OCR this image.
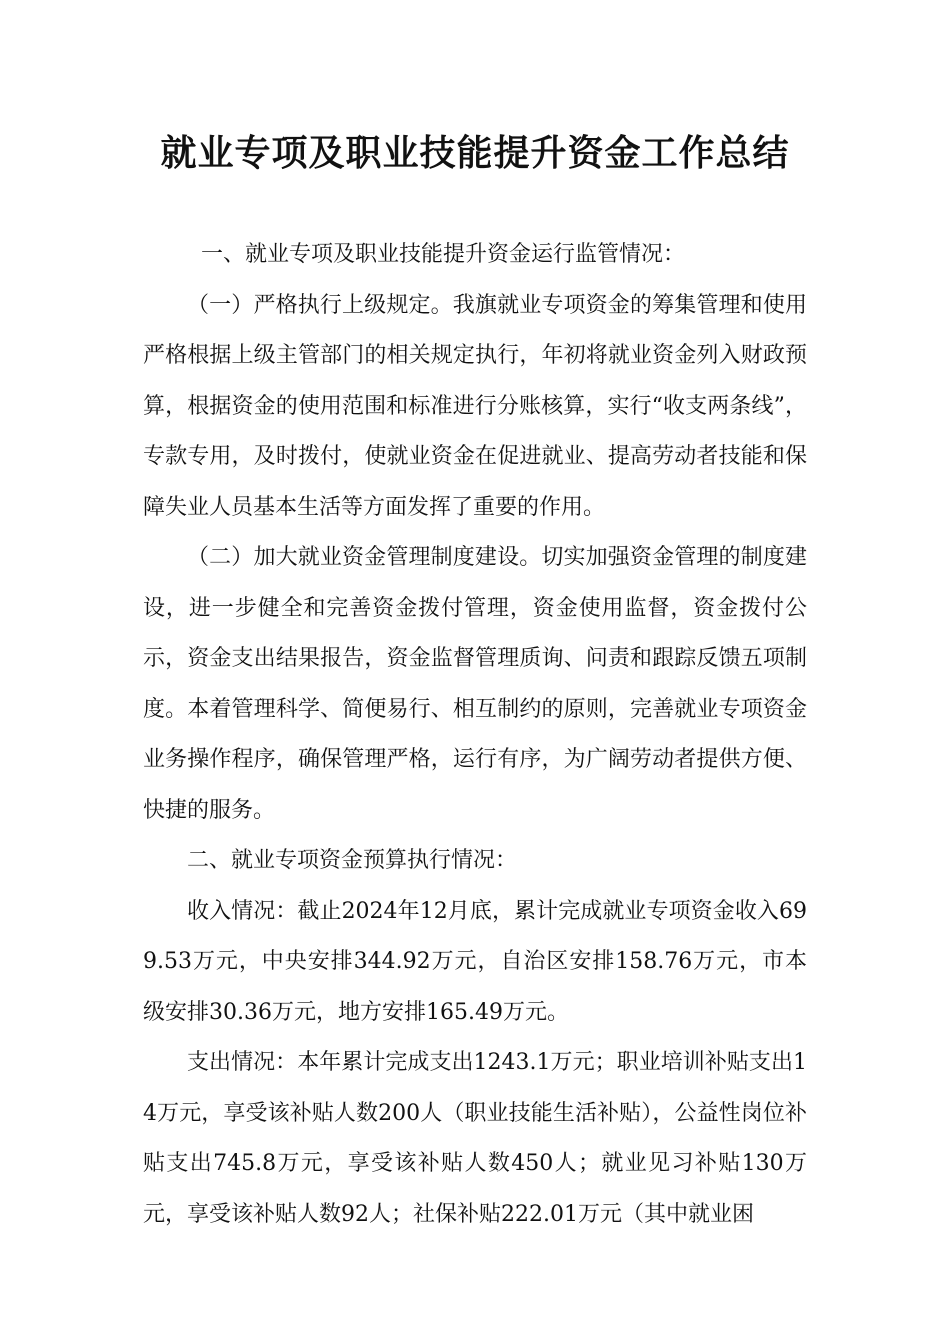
就业专项及职业技能提升资金工作总结

一、就业专项及职业技能提升资金运行监管情况：

（一）严格执行上级规定。我旗就业专项资金的筹集管理和使用严格根据上级主管部门的相关规定执行，年初将就业资金列入财政预算，根据资金的使用范围和标准进行分账核算，实行“收支两条线”，专款专用，及时拨付，使就业资金在促进就业、提高劳动者技能和保障失业人员基本生活等方面发挥了重要的作用。

（二）加大就业资金管理制度建设。切实加强资金管理的制度建设，进一步健全和完善资金拨付管理，资金使用监督，资金拨付公示，资金支出结果报告，资金监督管理质询、问责和跟踪反馈五项制度。本着管理科学、简便易行、相互制约的原则，完善就业专项资金业务操作程序，确保管理严格，运行有序，为广阔劳动者提供方便、快捷的服务。

二、就业专项资金预算执行情况：

收入情况：截止2024年12月底，累计完成就业专项资金收入699.53万元，中央安排344.92万元，自治区安排158.76万元，市本级安排30.36万元，地方安排165.49万元。

支出情况：本年累计完成支出1243.1万元；职业培训补贴支出14万元，享受该补贴人数200人（职业技能生活补贴），公益性岗位补贴支出745.8万元，享受该补贴人数450人；就业见习补贴130万元，享受该补贴人数92人；社保补贴222.01万元（其中就业困
